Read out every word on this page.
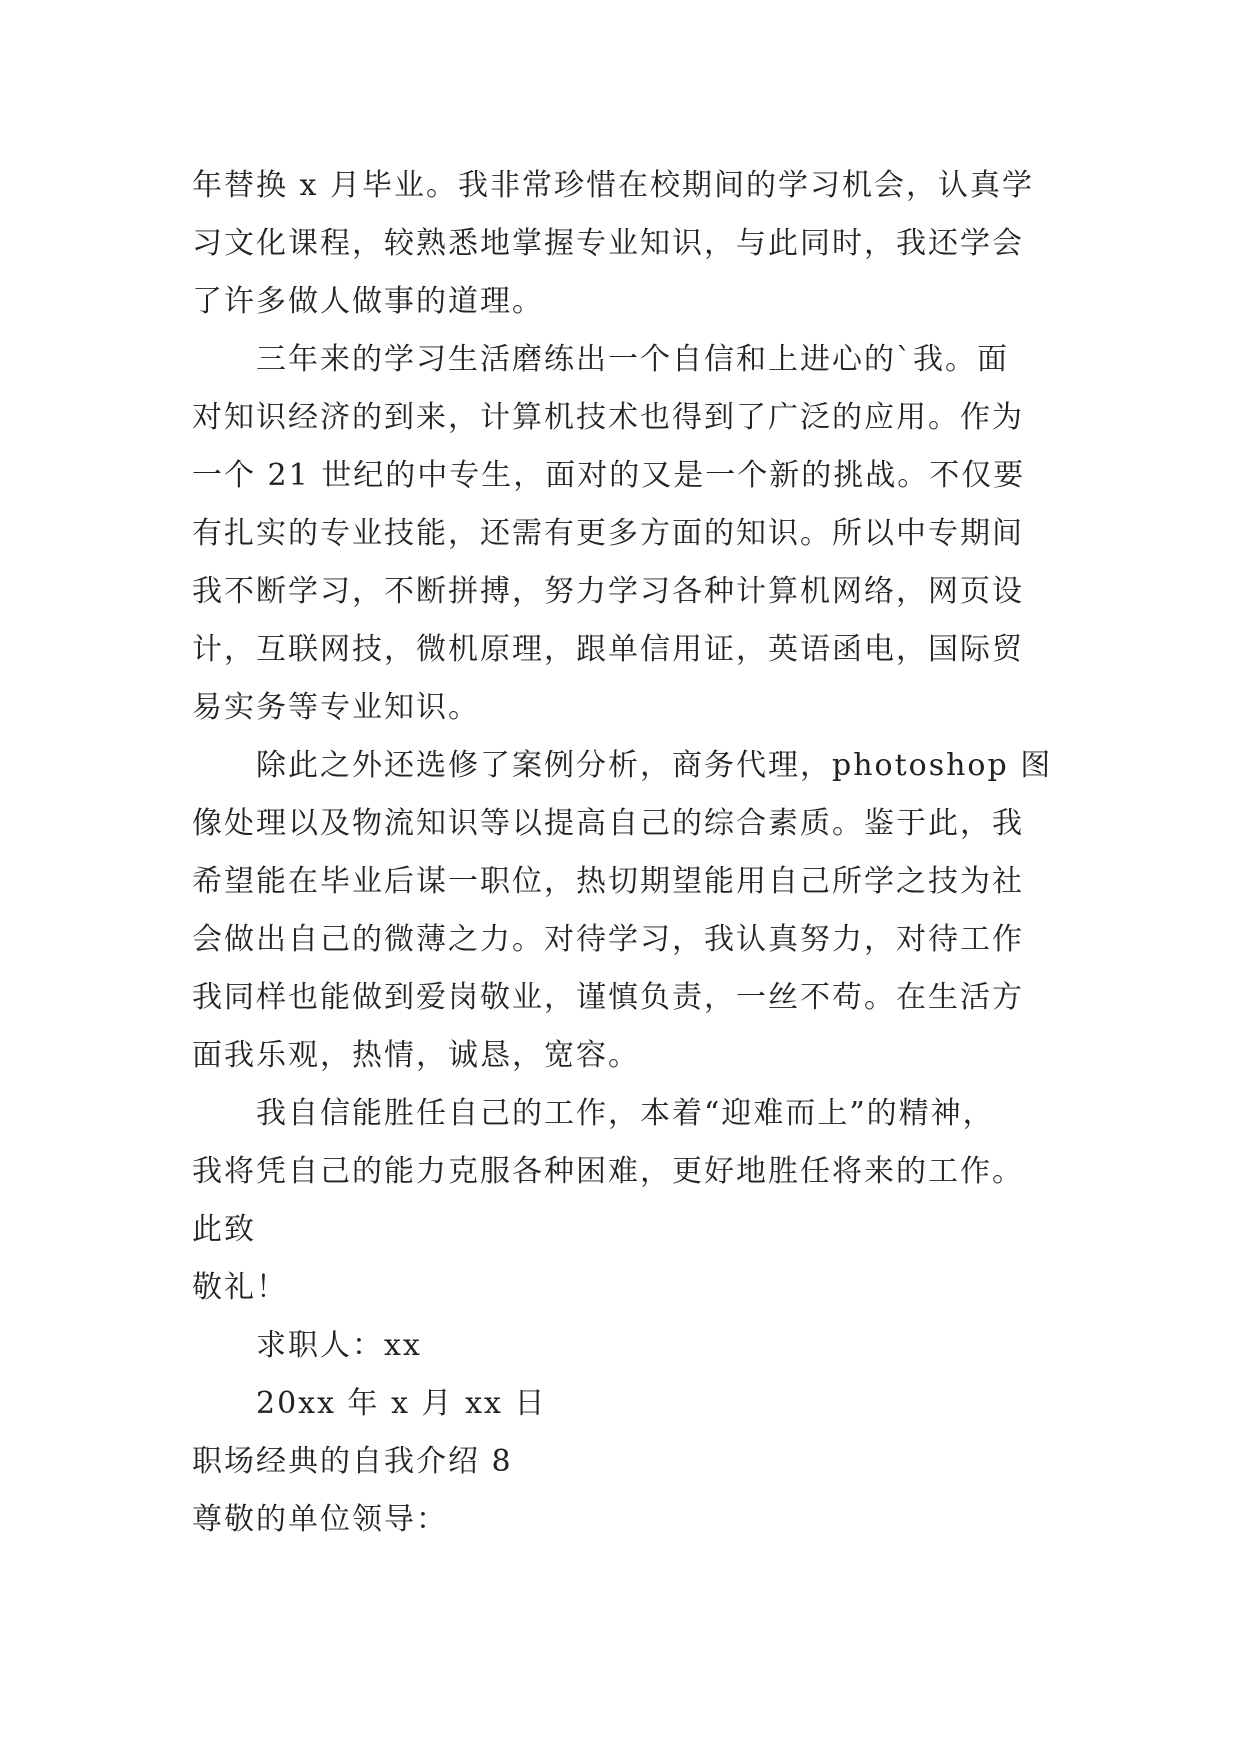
年替换 x 月毕业。我非常珍惜在校期间的学习机会，认真学
习文化课程，较熟悉地掌握专业知识，与此同时，我还学会
了许多做人做事的道理。
三年来的学习生活磨练出一个自信和上进心的`我。面
对知识经济的到来，计算机技术也得到了广泛的应用。作为
一个 21 世纪的中专生，面对的又是一个新的挑战。不仅要
有扎实的专业技能，还需有更多方面的知识。所以中专期间
我不断学习，不断拼搏，努力学习各种计算机网络，网页设
计，互联网技，微机原理，跟单信用证，英语函电，国际贸
易实务等专业知识。
除此之外还选修了案例分析，商务代理，photoshop 图
像处理以及物流知识等以提高自己的综合素质。鉴于此，我
希望能在毕业后谋一职位，热切期望能用自己所学之技为社
会做出自己的微薄之力。对待学习，我认真努力，对待工作
我同样也能做到爱岗敬业，谨慎负责，一丝不苟。在生活方
面我乐观，热情，诚恳，宽容。
我自信能胜任自己的工作，本着“迎难而上”的精神，
我将凭自己的能力克服各种困难，更好地胜任将来的工作。
此致
敬礼！
求职人：xx
20xx 年 x 月 xx 日
职场经典的自我介绍 8
尊敬的单位领导：
